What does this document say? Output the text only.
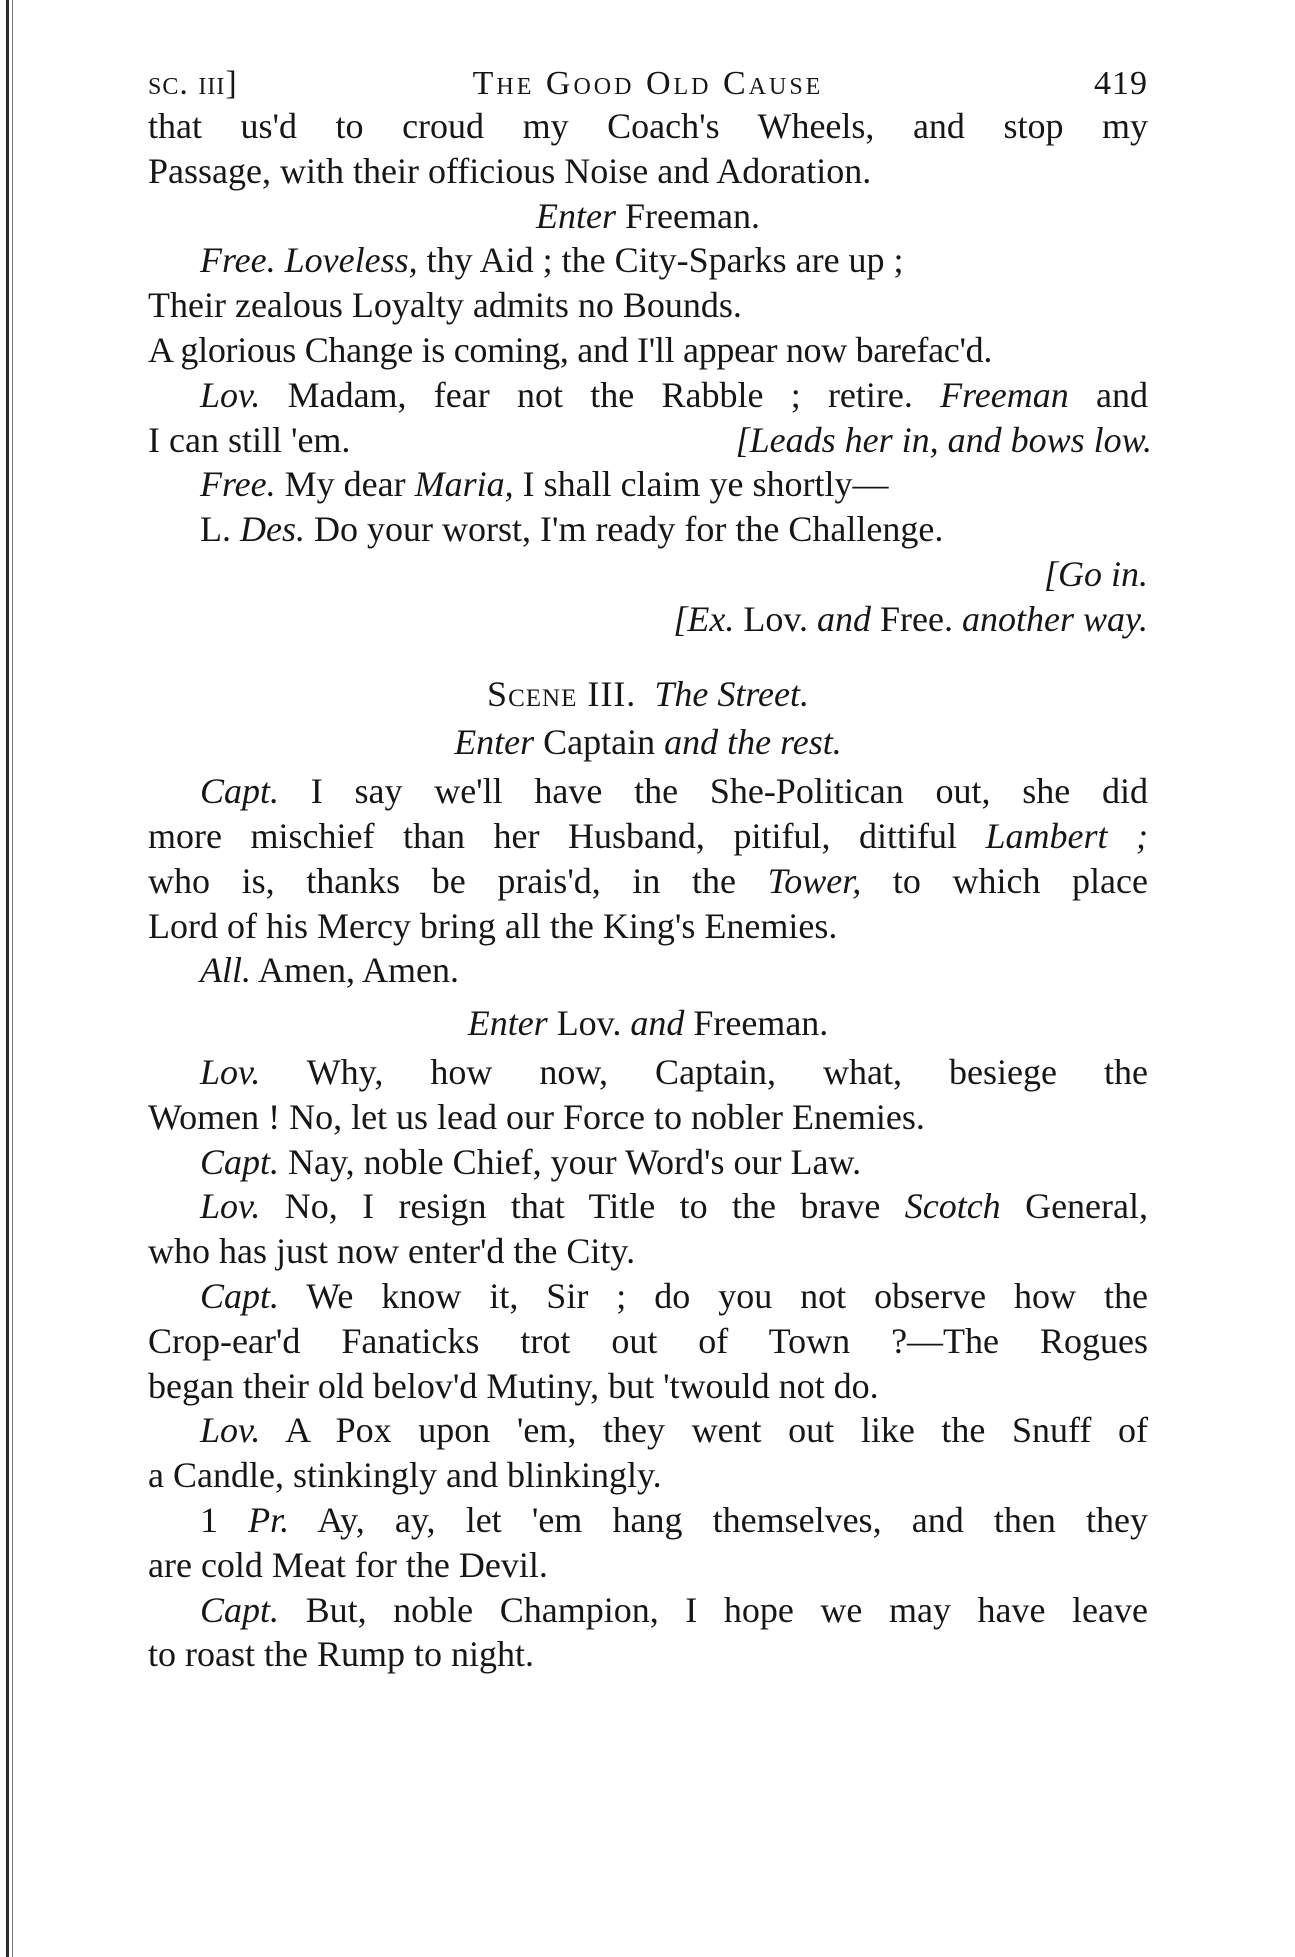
sc. iii]	The Good Old Cause	419

that us'd to croud my Coach's Wheels, and stop my

Passage, with their officious Noise and Adoration.

Enter Freeman.

Free. Loveless, thy Aid ; the City-Sparks are up ;

Their zealous Loyalty admits no Bounds.

A glorious Change is coming, and I'll appear now barefac'd.

Lov. Madam, fear not the Rabble ; retire. Freeman and

I can still 'em.	[Leads her in, and bows low.

Free. My dear Maria, I shall claim ye shortly—

L. Des. Do your worst, I'm ready for the Challenge.

[Go in.

[Ex. Lov. and Free. another way.

Scene III. The Street.

Enter Captain and the rest.

Capt. I say we'll have the She-Politican out, she did

more mischief than her Husband, pitiful, dittiful Lambert ;

who is, thanks be prais'd, in the Tower, to which place

Lord of his Mercy bring all the King's Enemies.

All. Amen, Amen.

Enter Lov. and Freeman.

Lov. Why, how now, Captain, what, besiege the

Women ! No, let us lead our Force to nobler Enemies.

Capt. Nay, noble Chief, your Word's our Law.

Lov. No, I resign that Title to the brave Scotch General,

who has just now enter'd the City.

Capt. We know it, Sir ; do you not observe how the

Crop-ear'd Fanaticks trot out of Town ?—The Rogues

began their old belov'd Mutiny, but 'twould not do.

Lov. A Pox upon 'em, they went out like the Snuff of

a Candle, stinkingly and blinkingly.

1 Pr. Ay, ay, let 'em hang themselves, and then they

are cold Meat for the Devil.

Capt. But, noble Champion, I hope we may have leave

to roast the Rump to night.
